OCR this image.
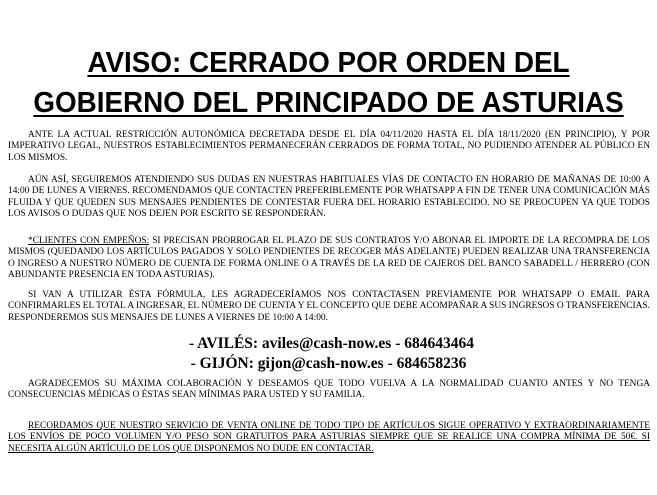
AVISO: CERRADO POR ORDEN DEL
GOBIERNO DEL PRINCIPADO DE ASTURIAS

ANTE LA ACTUAL RESTRICCIÓN AUTONÓMICA DECRETADA DESDE EL DÍA 04/11/2020 HASTA EL DÍA 18/11/2020 (EN PRINCIPIO), Y POR IMPERATIVO LEGAL, NUESTROS ESTABLECIMIENTOS PERMANECERÁN CERRADOS DE FORMA TOTAL, NO PUDIENDO ATENDER AL PÚBLICO EN LOS MISMOS.

AÚN ASÍ, SEGUIREMOS ATENDIENDO SUS DUDAS EN NUESTRAS HABITUALES VÍAS DE CONTACTO EN HORARIO DE MAÑANAS DE 10:00 A 14:00 DE LUNES A VIERNES. RECOMENDAMOS QUE CONTACTEN PREFERIBLEMENTE POR WHATSAPP A FIN DE TENER UNA COMUNICACIÓN MÁS FLUIDA Y QUE QUEDEN SUS MENSAJES PENDIENTES DE CONTESTAR FUERA DEL HORARIO ESTABLECIDO. NO SE PREOCUPEN YA QUE TODOS LOS AVISOS O DUDAS QUE NOS DEJEN POR ESCRITO SE RESPONDERÁN.

*CLIENTES CON EMPEÑOS: SI PRECISAN PRORROGAR EL PLAZO DE SUS CONTRATOS Y/O ABONAR EL IMPORTE DE LA RECOMPRA DE LOS MISMOS (QUEDANDO LOS ARTÍCULOS PAGADOS Y SOLO PENDIENTES DE RECOGER MÁS ADELANTE) PUEDEN REALIZAR UNA TRANSFERENCIA O INGRESO A NUESTRO NÚMERO DE CUENTA DE FORMA ONLINE O A TRAVÉS DE LA RED DE CAJEROS DEL BANCO SABADELL / HERRERO (CON ABUNDANTE PRESENCIA EN TODA ASTURIAS).

SI VAN A UTILIZAR ÉSTA FÓRMULA, LES AGRADECERÍAMOS NOS CONTACTASEN PREVIAMENTE POR WHATSAPP O EMAIL PARA CONFIRMARLES EL TOTAL A INGRESAR, EL NÚMERO DE CUENTA Y EL CONCEPTO QUE DEBE ACOMPAÑAR A SUS INGRESOS O TRANSFERENCIAS. RESPONDEREMOS SUS MENSAJES DE LUNES A VIERNES DE 10:00 A 14:00.

- AVILÉS: aviles@cash-now.es - 684643464

- GIJÓN: gijon@cash-now.es - 684658236

AGRADECEMOS SU MÁXIMA COLABORACIÓN Y DESEAMOS QUE TODO VUELVA A LA NORMALIDAD CUANTO ANTES Y NO TENGA CONSECUENCIAS MÉDICAS O ÉSTAS SEAN MÍNIMAS PARA USTED Y SU FAMILIA.

RECORDAMOS QUE NUESTRO SERVICIO DE VENTA ONLINE DE TODO TIPO DE ARTÍCULOS SIGUE OPERATIVO Y EXTRAORDINARIAMENTE LOS ENVÍOS DE POCO VOLUMEN Y/O PESO SON GRATUITOS PARA ASTURIAS SIEMPRE QUE SE REALICE UNA COMPRA MÍNIMA DE 50€. SI NECESITA ALGÚN ARTÍCULO DE LOS QUE DISPONEMOS NO DUDE EN CONTACTAR.
